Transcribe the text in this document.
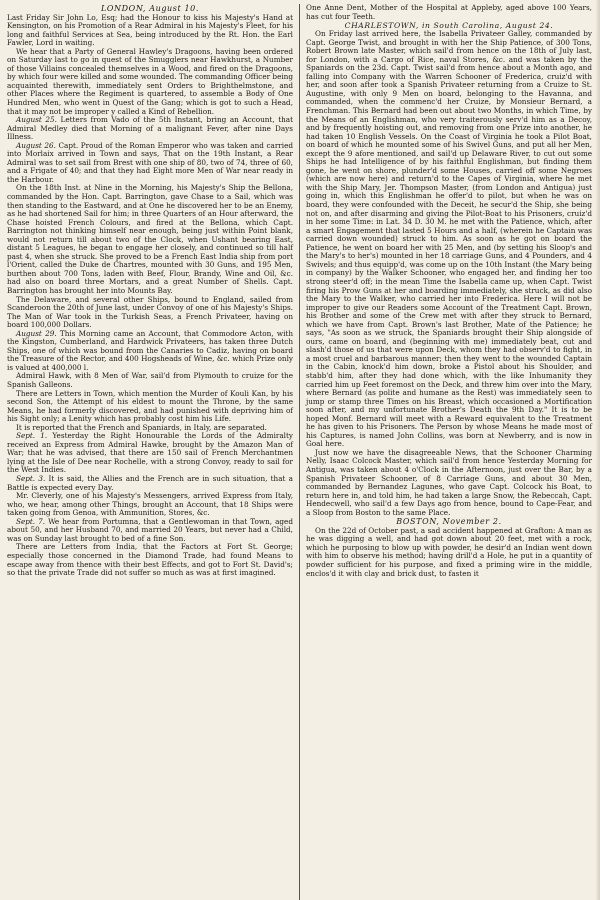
LONDON, August 10.

Last Friday Sir John Lo, Esq; had the Honour to kiss his Majesty's Hand at Kensington, on his Promotion of a Rear Admiral in his Majesty's Fleet, for his long and faithful Services at Sea, being introduced by the Rt. Hon. the Earl Fawler, Lord in waiting.

We hear that a Party of General Hawley's Dragoons, having been ordered on Saturday last to go in quest of the Smugglers near Hawkhurst, a Number of those Villains concealed themselves in a Wood, and fired on the Dragoons, by which four were killed and some wounded. The commanding Officer being acquainted therewith, immediately sent Orders to Brighthelmstone, and other Places where the Regiment is quartered, to assemble a Body of One Hundred Men, who went in Quest of the Gang; which is got to such a Head, that it may not be improper y called a Kind of Rebellion.

August 25. Letters from Vado of the 5th Instant, bring an Account, that Admiral Medley died that Morning of a malignant Fever, after nine Days Illness.

August 26. Capt. Proud of the Roman Emperor who was taken and carried into Morlaix arrived in Town and says, That on the 19th Instant, a Rear Admiral was to set sail from Brest with one ship of 80, two of 74, three of 60, and a Frigate of 40; and that they had Eight more Men of War near ready in the Harbour.

On the 18th Inst. at Nine in the Morning, his Majesty's Ship the Bellona, commanded by the Hon. Capt. Barrington, gave Chase to a Sail, which was then standing to the Eastward, and at One he discovered her to be an Enemy, as he had shortened Sail for him; in three Quarters of an Hour afterward, the Chase hoisted French Colours, and fired at the Bellona, which Capt. Barrington not thinking himself near enough, being just within Point blank, would not return till about two of the Clock, when Ushant bearing East, distant 5 Leagues, he began to engage her closely, and continued so till half past 4, when she struck. She proved to be a French East India ship from port l'Orient, called the Duke de Chartres, mounted with 30 Guns, and 195 Men, burthen about 700 Tons, laden with Beef, Flour, Brandy, Wine and Oil, &c. had also on board three Mortars, and a great Number of Shells. Capt. Barrington has brought her into Mounts Bay.

The Delaware, and several other Ships, bound to England, sailed from Scanderoon the 20th of June last, under Convoy of one of his Majesty's Ships. The Man of War took in the Turkish Seas, a French Privateer, having on board 100,000 Dollars.

August 29. This Morning came an Account, that Commodore Acton, with the Kingston, Cumberland, and Hardwick Privateers, has taken three Dutch Ships, one of which was bound from the Canaries to Cadiz, having on board the Treasure of the Rector, and 400 Hogsheads of Wine, &c. which Prize only is valued at 400,000 l.

Admiral Hawk, with 8 Men of War, sail'd from Plymouth to cruize for the Spanish Galleons.

There are Letters in Town, which mention the Murder of Kouli Kan, by his second Son, the Attempt of his eldest to mount the Throne, by the same Means, he had formerly discovered, and had punished with depriving him of his Sight only; a Lenity which has probably cost him his Life.

It is reported that the French and Spaniards, in Italy, are separated.

Sept. 1. Yesterday the Right Honourable the Lords of the Admiralty received an Express from Admiral Hawke, brought by the Amazon Man of War; that he was advised, that there are 150 sail of French Merchantmen lying at the Isle of Dee near Rochelle, with a strong Convoy, ready to sail for the West Indies.

Sept. 3. It is said, the Allies and the French are in such situation, that a Battle is expected every Day.

Mr. Cleverly, one of his Majesty's Messengers, arrived Express from Italy, who, we hear, among other Things, brought an Account, that 18 Ships were taken going from Genoa, with Ammunition, Stores, &c.

Sept. 7. We hear from Portumna, that a Gentlewoman in that Town, aged about 50, and her Husband 70, and married 20 Years, but never had a Child, was on Sunday last brought to bed of a fine Son.

There are Letters from India, that the Factors at Fort St. George; especially those concerned in the Diamond Trade, had found Means to escape away from thence with their best Effects, and got to Fort St. David's; so that the private Trade did not suffer so much as was at first imagined.

One Anne Dent, Mother of the Hospital at Appleby, aged above 100 Years, has cut four Teeth.

CHARLESTOWN, in South Carolina, August 24.

On Friday last arrived here, the Isabella Privateer Galley, commanded by Capt. George Twist, and brought in with her the Ship Patience, of 300 Tons, Robert Brown late Master, which sail'd from hence on the 18th of July last, for London, with a Cargo of Rice, naval Stores, &c. and was taken by the Spaniards on the 23d. Capt. Twist sail'd from hence about a Month ago, and falling into Company with the Warren Schooner of Frederica, cruiz'd with her, and soon after took a Spanish Privateer returning from a Cruize to St. Augustine, with only 9 Men on board, belonging to the Havanna, and commanded, when the commenc'd her Cruize, by Monsieur Bernard, a Frenchman. This Bernard had been out about two Months, in which Time, by the Means of an Englishman, who very traiterously serv'd him as a Decoy, and by frequently hoisting out, and removing from one Prize into another, he had taken 10 English Vessels. On the Coast of Virginia he took a Pilot Boat, on board of which he mounted some of his Swivel Guns, and put all her Men, except the 9 afore mentioned, and sail'd up Delaware River, to cut out some Ships he had Intelligence of by his faithful Englishman, but finding them gone, he went on shore, plunder'd some Houses, carried off some Negroes (which are now here) and return'd to the Capes of Virginia, where he met with the Ship Mary, Jer. Thompson Master, (from London and Antigua) just going in, which this Englishman he offer'd to pilot, but when he was on board, they were confounded with the Deceit, he secur'd the Ship, she being not on, and after disarming and giving the Pilot-Boat to his Prisoners, cruiz'd in her some Time: in Lat. 34 D. 30 M. he met with the Patience, which, after a smart Engagement that lasted 5 Hours and a half, (wherein he Captain was carried down wounded) struck to him. As soon as he got on board the Patience, he went on board her with 25 Men, and (by setting his Sloop's and the Mary's to her's) mounted in her 18 carriage Guns, and 4 Pounders, and 4 Swivels; and thus equipp'd, was come up on the 10th Instant (the Mary being in company) by the Walker Schooner, who engaged her, and finding her too strong steer'd off; in the mean Time the Isabella came up, when Capt. Twist firing his Prow Guns at her and boarding immediately, she struck, as did also the Mary to the Walker, who carried her into Frederica. Here I will not be improper to give our Readers some Account of the Treatment Capt. Brown, his Brother and some of the Crew met with after they struck to Bernard, which we have from Capt. Brown's last Brother, Mate of the Patience; he says, "As soon as we struck, the Spaniards brought their Ship alongside of ours, came on board, and (beginning with me) immediately beat, cut and slash'd those of us that were upon Deck, whom they had observ'd to fight, in a most cruel and barbarous manner; then they went to the wounded Captain in the Cabin, knock'd him down, broke a Pistol about his Shoulder, and stabb'd him, after they had done which, with the like Inhumanity they carried him up Feet foremost on the Deck, and threw him over into the Mary, where Bernard (as polite and humane as the Rest) was immediately seen to jump or stamp three Times on his Breast, which occasioned a Mortification soon after, and my unfortunate Brother's Death the 9th Day." It is to be hoped Monf. Bernard will meet with a Reward equivalent to the Treatment he has given to his Prisoners. The Person by whose Means he made most of his Captures, is named John Collins, was born at Newberry, and is now in Goal here.

Just now we have the disagreeable News, that the Schooner Charming Nelly, Isaac Colcock Master, which sail'd from hence Yesterday Morning for Antigua, was taken about 4 o'Clock in the Afternoon, just over the Bar, by a Spanish Privateer Schooner, of 8 Carriage Guns, and about 30 Men, commanded by Bernandez Lagunes, who gave Capt. Colcock his Boat, to return here in, and told him, he had taken a large Snow, the Rebeccah, Capt. Hendecwell, who sail'd a few Days ago from hence, bound to Cape-Fear, and a Sloop from Boston to the same Place.

BOSTON, November 2.

On the 22d of October past, a sad accident happened at Grafton: A man as he was digging a well, and had got down about 20 feet, met with a rock, which he purposing to blow up with powder, he desir'd an Indian went down with him to observe his method; having drill'd a Hole, he put in a quantity of powder sufficient for his purpose, and fixed a priming wire in the middle, enclos'd it with clay and brick dust, to fasten it
